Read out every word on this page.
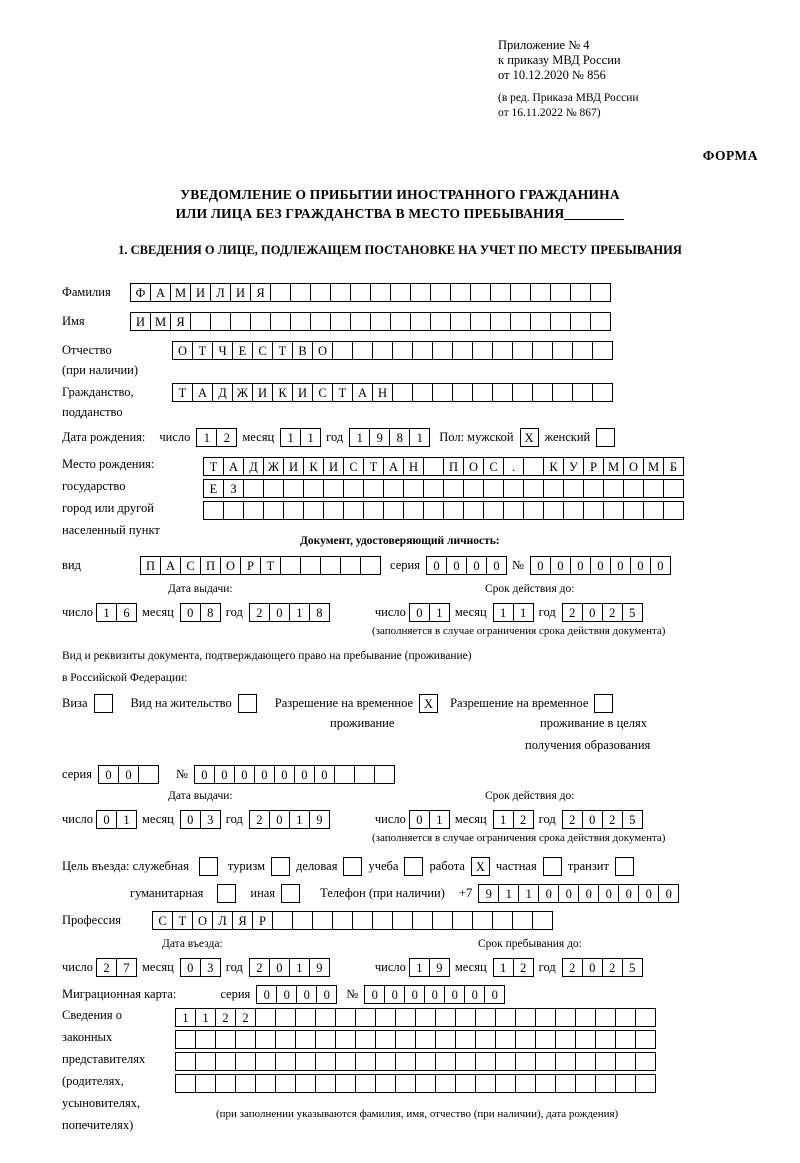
Приложение № 4
к приказу МВД России
от 10.12.2020 № 856
(в ред. Приказа МВД России
от 16.11.2022 № 867)
ФОРМА
УВЕДОМЛЕНИЕ О ПРИБЫТИИ ИНОСТРАННОГО ГРАЖДАНИНА
ИЛИ ЛИЦА БЕЗ ГРАЖДАНСТВА В МЕСТО ПРЕБЫВАНИЯ
1. СВЕДЕНИЯ О ЛИЦЕ, ПОДЛЕЖАЩЕМ ПОСТАНОВКЕ НА УЧЕТ ПО МЕСТУ ПРЕБЫВАНИЯ
Фамилия	Ф А М И Л И Я
Имя	И М Я
Отчество	О Т Ч Е С Т В О
(при наличии)
Гражданство,	Т А Д Ж И К И С Т А Н
подданство
Дата рождения: число	1	2 месяц	1	1 год	1	9	8	1	Пол: мужской Х женский
Место рождения:
государство
город или другой
населенный пункт
Т А Д Ж И К И С Т А Н	П О С	.	К У Р М О М Б
Е	З
Документ, удостоверяющий личность:
вид	П А С П О Р	Т	серия	0	0	0	0 №	0	0	0	0	0	0	0
Дата выдачи:	Срок действия до:
число 1	6 месяц	0	8 год	2	0	1	8	число 0	1 месяц	1	1 год	2	0	2	5
(заполняется в случае ограничения срока действия документа)
Вид и реквизиты документа, подтверждающего право на пребывание (проживание)
в Российской Федерации:
Виза	Вид на жительство	Разрешение на временное Х	Разрешение на временное
проживание	проживание в целях
получения образования
серия	0	0	№	0	0	0	0	0	0	0
Дата выдачи:	Срок действия до:
число 0	1 месяц	0	3 год	2	0	1	9	число 0	1 месяц	1	2 год	2	0	2	5
(заполняется в случае ограничения срока действия документа)
Цель въезда: служебная	туризм деловая учеба работа Х частная транзит
гуманитарная	иная	Телефон (при наличии) +7	9	1	1	0	0	0	0	0	0	0
Профессия	С Т О Л Я Р
Дата въезда:	Срок пребывания до:
число 2	7 месяц	0	3 год	2	0	1	9	число 1	9 месяц	1	2 год	2	0	2	5
Миграционная карта:	серия	0	0	0	0	№	0	0	0	0	0	0	0
Сведения о
законных
представителях
(родителях,
усыновителях,
попечителях)
1	1	2	2
(при заполнении указываются фамилия, имя, отчество (при наличии), дата рождения)
